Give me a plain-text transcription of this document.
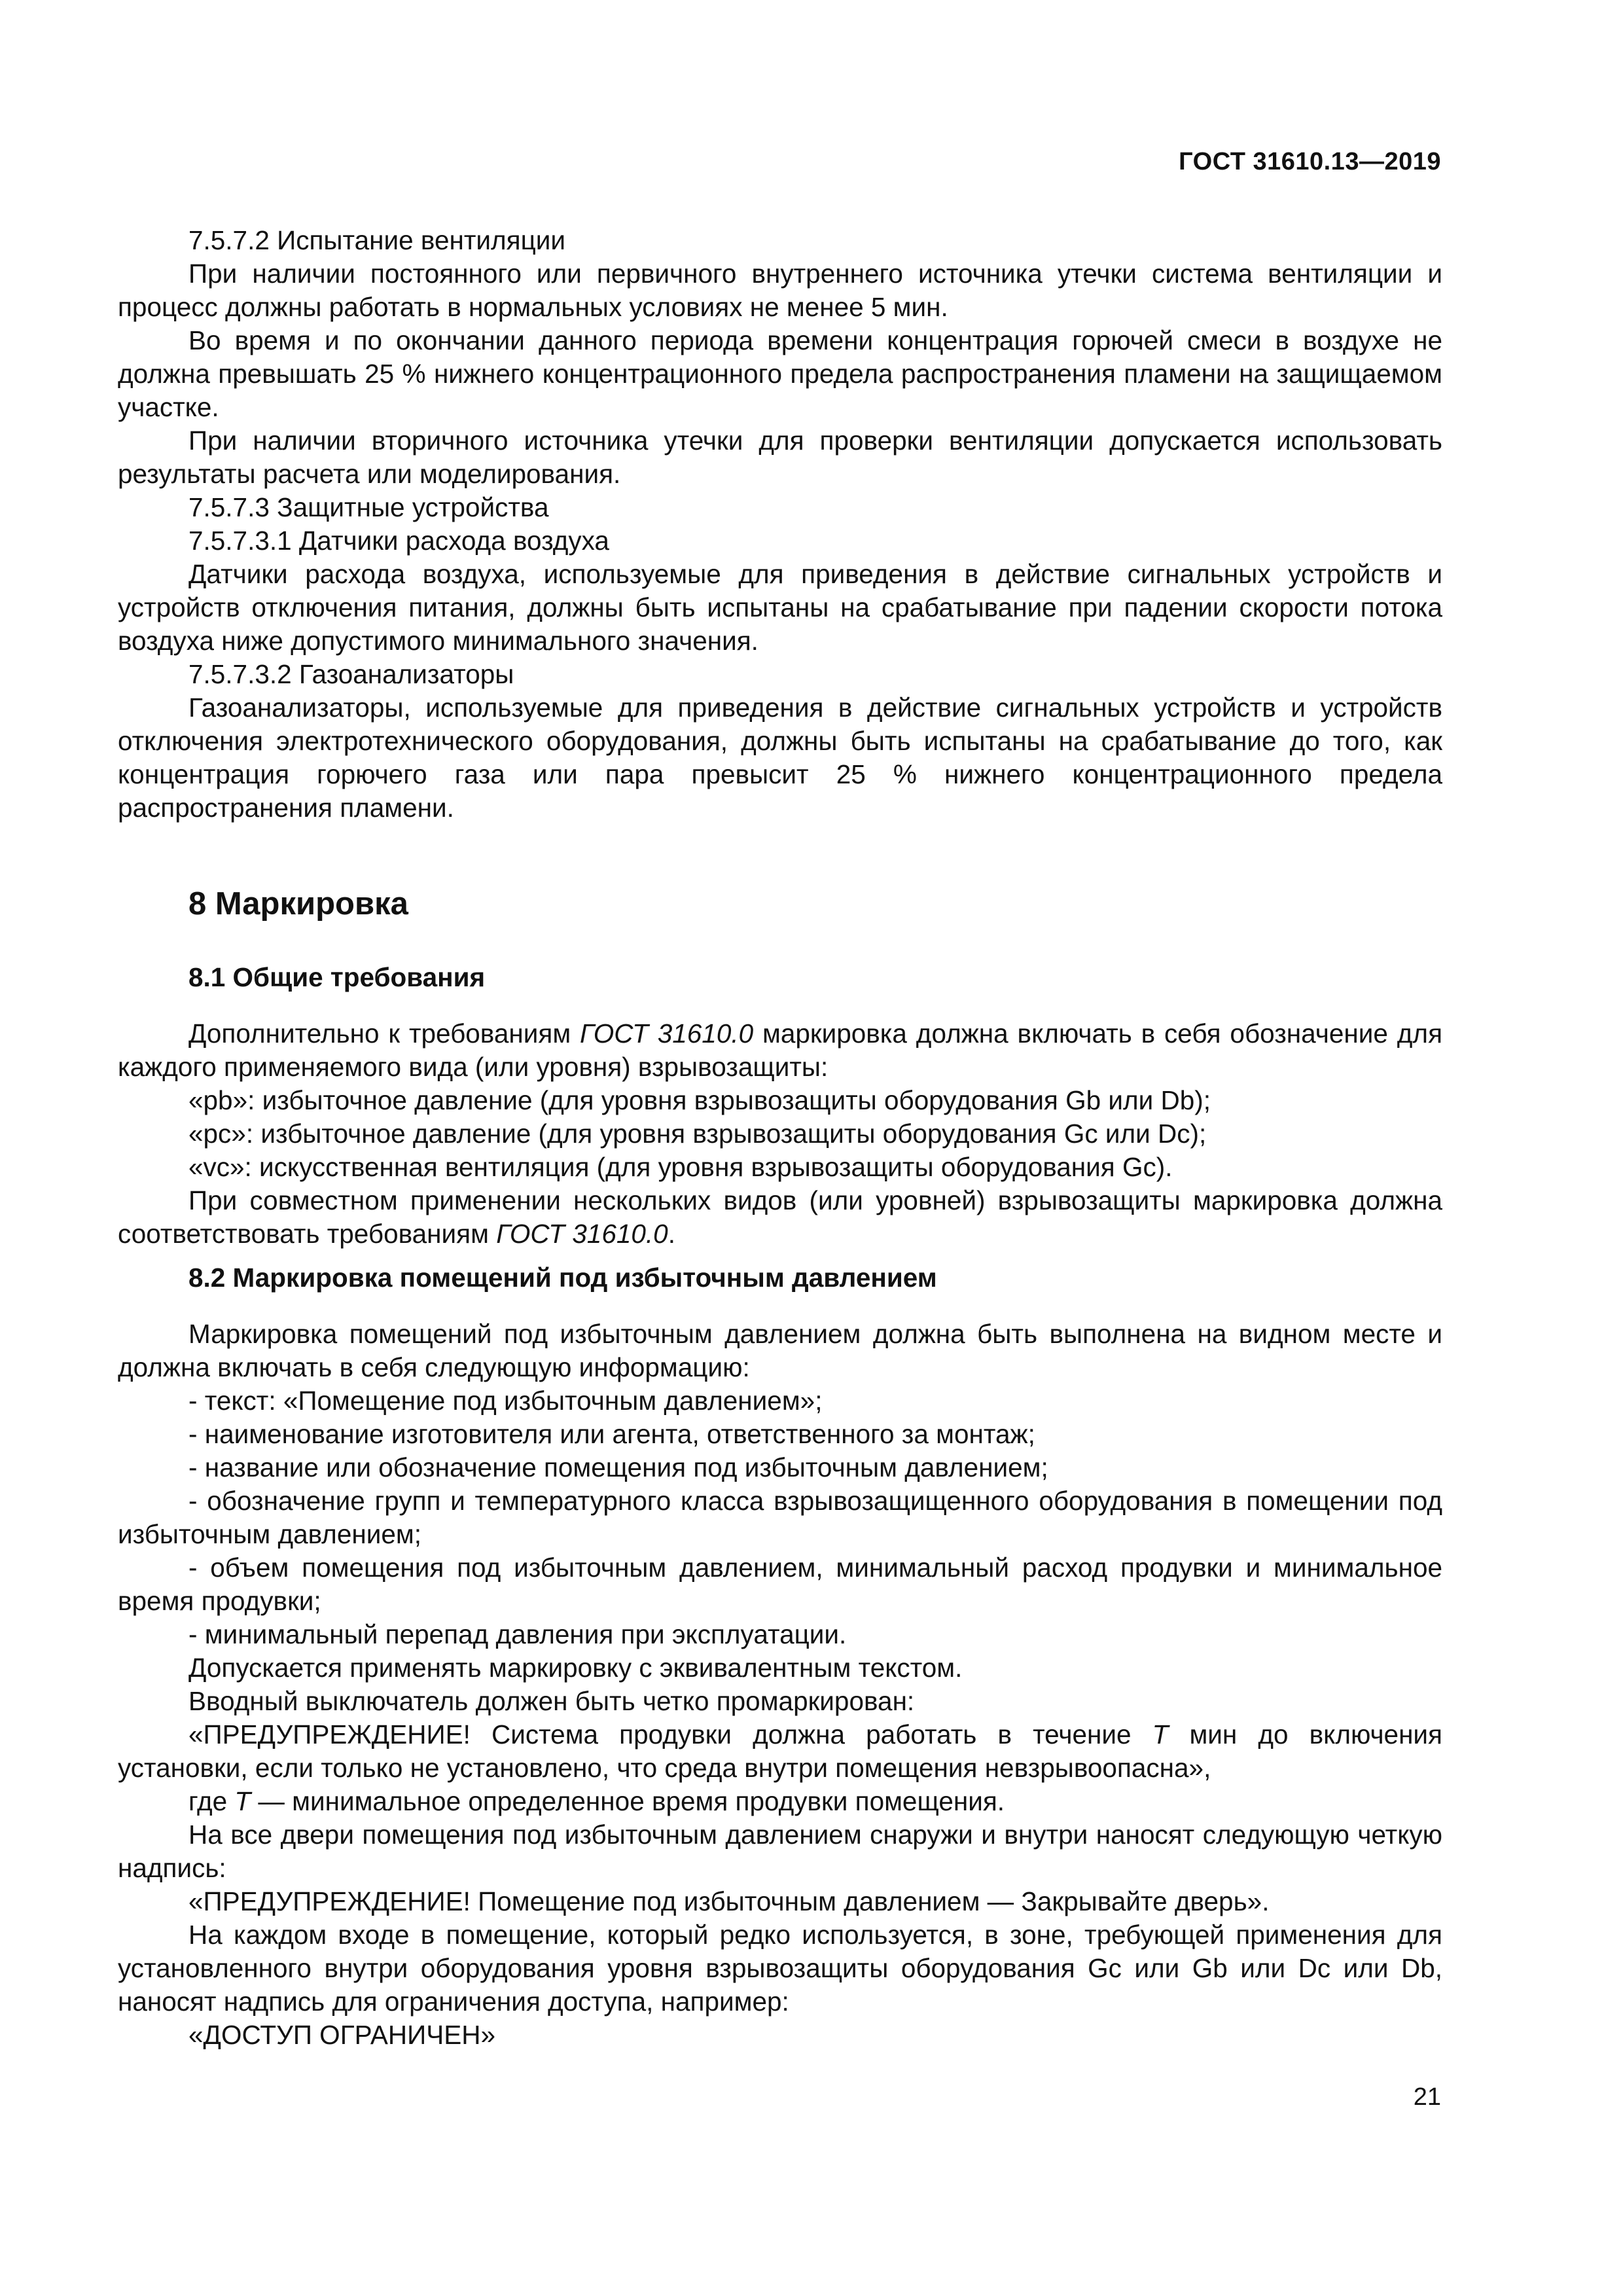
ГОСТ 31610.13—2019

7.5.7.2 Испытание вентиляции

При наличии постоянного или первичного внутреннего источника утечки система вентиляции и процесс должны работать в нормальных условиях не менее 5 мин.

Во время и по окончании данного периода времени концентрация горючей смеси в воздухе не должна превышать 25 % нижнего концентрационного предела распространения пламени на защищаемом участке.

При наличии вторичного источника утечки для проверки вентиляции допускается использовать результаты расчета или моделирования.

7.5.7.3 Защитные устройства

7.5.7.3.1 Датчики расхода воздуха

Датчики расхода воздуха, используемые для приведения в действие сигнальных устройств и устройств отключения питания, должны быть испытаны на срабатывание при падении скорости потока воздуха ниже допустимого минимального значения.

7.5.7.3.2 Газоанализаторы

Газоанализаторы, используемые для приведения в действие сигнальных устройств и устройств отключения электротехнического оборудования, должны быть испытаны на срабатывание до того, как концентрация горючего газа или пара превысит 25 % нижнего концентрационного предела распространения пламени.

8 Маркировка
8.1 Общие требования

Дополнительно к требованиям ГОСТ 31610.0 маркировка должна включать в себя обозначение для каждого применяемого вида (или уровня) взрывозащиты:

«pb»: избыточное давление (для уровня взрывозащиты оборудования Gb или Db);

«pc»: избыточное давление (для уровня взрывозащиты оборудования Gc или Dc);

«vc»: искусственная вентиляция (для уровня взрывозащиты оборудования Gc).

При совместном применении нескольких видов (или уровней) взрывозащиты маркировка должна соответствовать требованиям ГОСТ 31610.0.

8.2 Маркировка помещений под избыточным давлением

Маркировка помещений под избыточным давлением должна быть выполнена на видном месте и должна включать в себя следующую информацию:

- текст: «Помещение под избыточным давлением»;

- наименование изготовителя или агента, ответственного за монтаж;

- название или обозначение помещения под избыточным давлением;

- обозначение групп и температурного класса взрывозащищенного оборудования в помещении под избыточным давлением;

- объем помещения под избыточным давлением, минимальный расход продувки и минимальное время продувки;

- минимальный перепад давления при эксплуатации.

Допускается применять маркировку с эквивалентным текстом.

Вводный выключатель должен быть четко промаркирован:

«ПРЕДУПРЕЖДЕНИЕ! Система продувки должна работать в течение T мин до включения установки, если только не установлено, что среда внутри помещения невзрывоопасна»,

где T — минимальное определенное время продувки помещения.

На все двери помещения под избыточным давлением снаружи и внутри наносят следующую четкую надпись:

«ПРЕДУПРЕЖДЕНИЕ! Помещение под избыточным давлением — Закрывайте дверь».

На каждом входе в помещение, который редко используется, в зоне, требующей применения для установленного внутри оборудования уровня взрывозащиты оборудования Gc или Gb или Dc или Db, наносят надпись для ограничения доступа, например:

«ДОСТУП ОГРАНИЧЕН»

21
